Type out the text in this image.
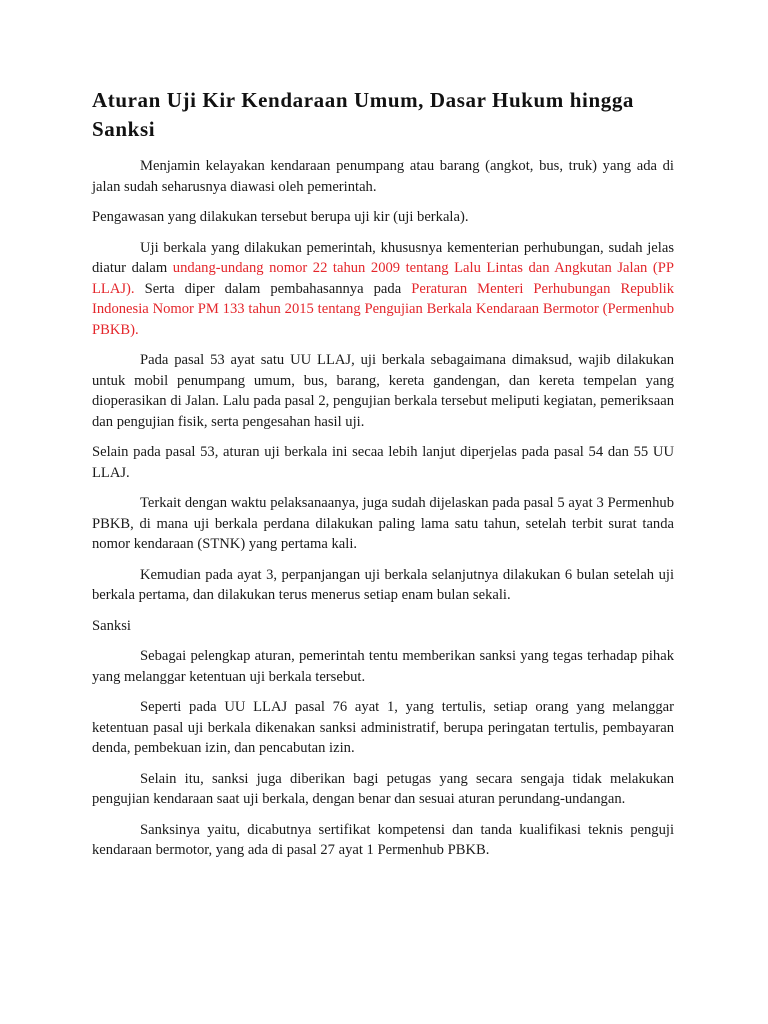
Aturan Uji Kir Kendaraan Umum, Dasar Hukum hingga Sanksi

Menjamin kelayakan kendaraan penumpang atau barang (angkot, bus, truk) yang ada di jalan sudah seharusnya diawasi oleh pemerintah.

Pengawasan yang dilakukan tersebut berupa uji kir (uji berkala).

Uji berkala yang dilakukan pemerintah, khususnya kementerian perhubungan, sudah jelas diatur dalam undang-undang nomor 22 tahun 2009 tentang Lalu Lintas dan Angkutan Jalan (PP LLAJ). Serta diper dalam pembahasannya pada Peraturan Menteri Perhubungan Republik Indonesia Nomor PM 133 tahun 2015 tentang Pengujian Berkala Kendaraan Bermotor (Permenhub PBKB).

Pada pasal 53 ayat satu UU LLAJ, uji berkala sebagaimana dimaksud, wajib dilakukan untuk mobil penumpang umum, bus, barang, kereta gandengan, dan kereta tempelan yang dioperasikan di Jalan. Lalu pada pasal 2, pengujian berkala tersebut meliputi kegiatan, pemeriksaan dan pengujian fisik, serta pengesahan hasil uji.

Selain pada pasal 53, aturan uji berkala ini secaa lebih lanjut diperjelas pada pasal 54 dan 55 UU LLAJ.

Terkait dengan waktu pelaksanaanya, juga sudah dijelaskan pada pasal 5 ayat 3 Permenhub PBKB, di mana uji berkala perdana dilakukan paling lama satu tahun, setelah terbit surat tanda nomor kendaraan (STNK) yang pertama kali.

Kemudian pada ayat 3, perpanjangan uji berkala selanjutnya dilakukan 6 bulan setelah uji berkala pertama, dan dilakukan terus menerus setiap enam bulan sekali.

Sanksi

Sebagai pelengkap aturan, pemerintah tentu memberikan sanksi yang tegas terhadap pihak yang melanggar ketentuan uji berkala tersebut.

Seperti pada UU LLAJ pasal 76 ayat 1, yang tertulis, setiap orang yang melanggar ketentuan pasal uji berkala dikenakan sanksi administratif, berupa peringatan tertulis, pembayaran denda, pembekuan izin, dan pencabutan izin.

Selain itu, sanksi juga diberikan bagi petugas yang secara sengaja tidak melakukan pengujian kendaraan saat uji berkala, dengan benar dan sesuai aturan perundang-undangan.

Sanksinya yaitu, dicabutnya sertifikat kompetensi dan tanda kualifikasi teknis penguji kendaraan bermotor, yang ada di pasal 27 ayat 1 Permenhub PBKB.
